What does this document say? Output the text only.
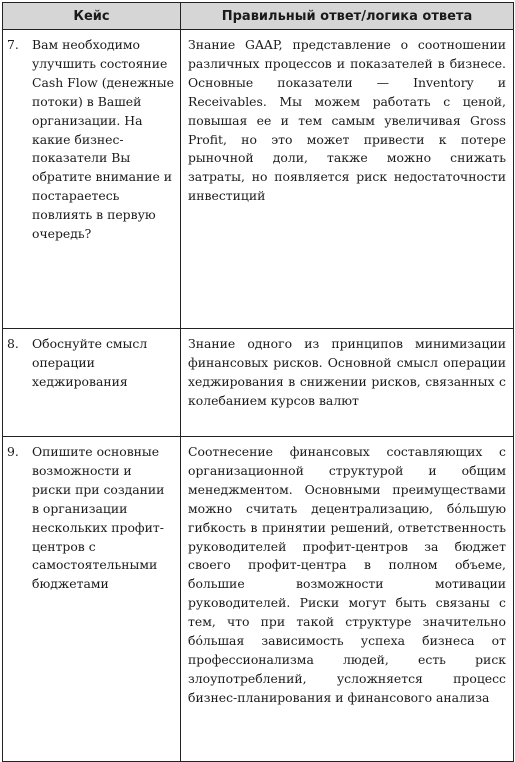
Кейс	Правильный ответ/логика ответа

7. Вам необходимо улучшить состояние Cash Flow (денежные потоки) в Вашей организации. На какие бизнес-показатели Вы обратите внимание и постараетесь повлиять в первую очередь?	Знание GAAP, представление о соотношении различных процессов и показателей в бизнесе. Основные показатели — Inventory и Receivables. Мы можем работать с ценой, повышая ее и тем самым увеличивая Gross Profit, но это может привести к потере рыночной доли, также можно снижать затраты, но появляется риск недостаточности инвестиций

8. Обоснуйте смысл операции хеджирования	Знание одного из принципов минимизации финансовых рисков. Основной смысл операции хеджирования в снижении рисков, связанных с колебанием курсов валют

9. Опишите основные возможности и риски при создании в организации нескольких профит-центров с самостоятельными бюджетами	Соотнесение финансовых составляющих с организационной структурой и общим менеджментом. Основными преимуществами можно считать децентрализацию, бóльшую гибкость в принятии решений, ответственность руководителей профит-центров за бюджет своего профит-центра в полном объеме, большие возможности мотивации руководителей. Риски могут быть связаны с тем, что при такой структуре значительно бóльшая зависимость успеха бизнеса от профессионализма людей, есть риск злоупотреблений, усложняется процесс бизнес-планирования и финансового анализа
